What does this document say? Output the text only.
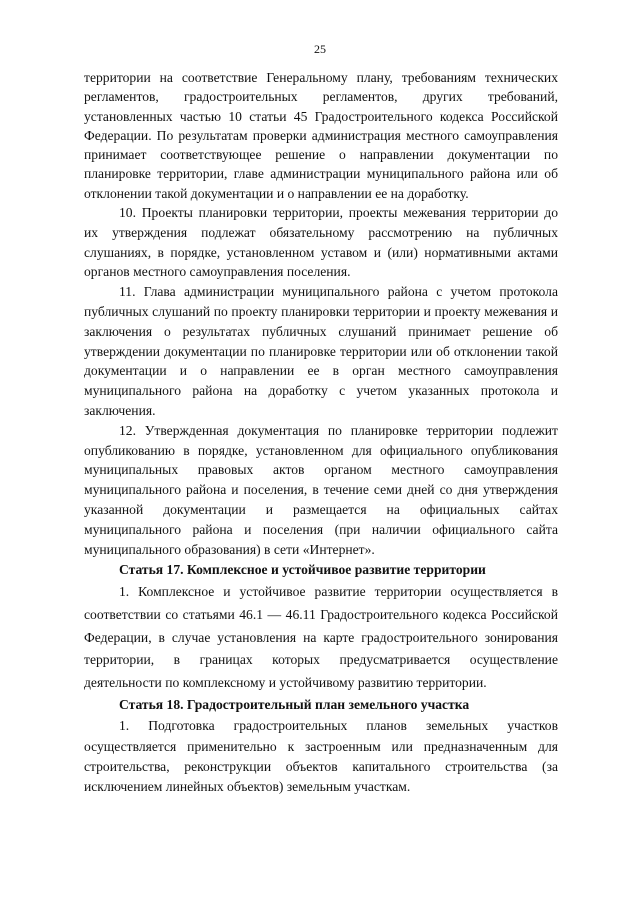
25

территории на соответствие Генеральному плану, требованиям технических регламентов, градостроительных регламентов, других требований, установленных частью 10 статьи 45 Градостроительного кодекса Российской Федерации. По результатам проверки администрация местного самоуправления принимает соответствующее решение о направлении документации по планировке территории, главе администрации муниципального района или об отклонении такой документации и о направлении ее на доработку.

10. Проекты планировки территории, проекты межевания территории до их утверждения подлежат обязательному рассмотрению на публичных слушаниях, в порядке, установленном уставом и (или) нормативными актами органов местного самоуправления поселения.

11. Глава администрации муниципального района с учетом протокола публичных слушаний по проекту планировки территории и проекту межевания и заключения о результатах публичных слушаний принимает решение об утверждении документации по планировке территории или об отклонении такой документации и о направлении ее в орган местного самоуправления муниципального района на доработку с учетом указанных протокола и заключения.

12. Утвержденная документация по планировке территории подлежит опубликованию в порядке, установленном для официального опубликования муниципальных правовых актов органом местного самоуправления муниципального района и поселения, в течение семи дней со дня утверждения указанной документации и размещается на официальных сайтах муниципального района и поселения (при наличии официального сайта муниципального образования) в сети «Интернет».

Статья 17. Комплексное и устойчивое развитие территории

1. Комплексное и устойчивое развитие территории осуществляется в соответствии со статьями 46.1 — 46.11 Градостроительного кодекса Российской Федерации, в случае установления на карте градостроительного зонирования территории, в границах которых предусматривается осуществление деятельности по комплексному и устойчивому развитию территории.

Статья 18. Градостроительный план земельного участка

1. Подготовка градостроительных планов земельных участков осуществляется применительно к застроенным или предназначенным для строительства, реконструкции объектов капитального строительства (за исключением линейных объектов) земельным участкам.
